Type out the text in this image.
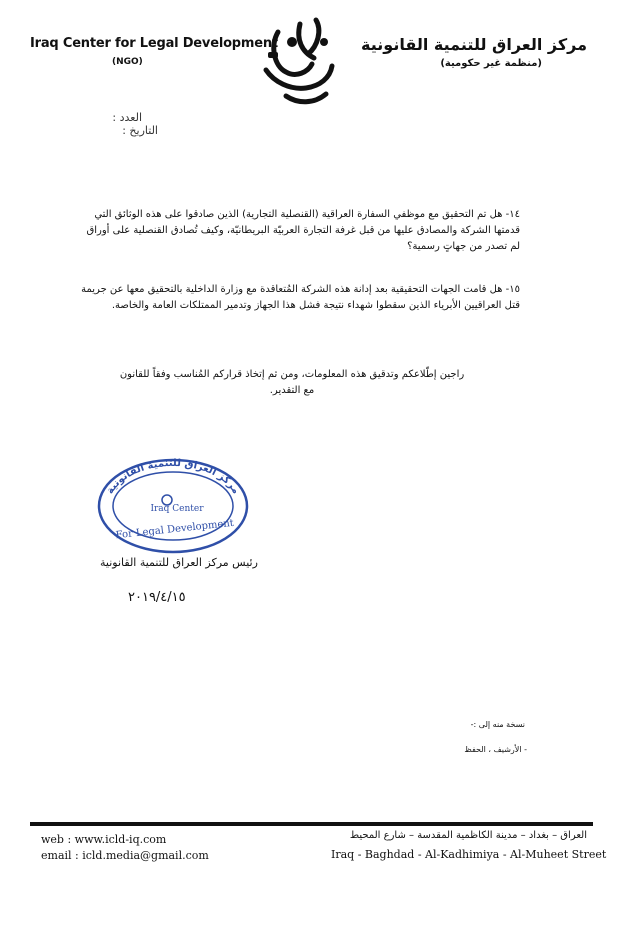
Iraq Center for Legal Development
(NGO)
مركز العراق للتنمية القانونية
(منظمة غير حكومية)
العدد :
التاريخ :
١٤- هل تم التحقيق مع موظفي السفارة العراقية (القنصلية التجارية) الذين صادقوا على هذه الوثائق التي قدمتها الشركة والمصادق عليها من قبل غرفة التجارة العربيّة البريطانيّة، وكيف تُصادق القنصلية على أوراق لم تصدر من جهاتٍ رسمية؟
١٥- هل قامت الجهات التحقيقية بعد إدانة هذه الشركة المُتعاقدة مع وزارة الداخلية بالتحقيق معها عن جريمة قتل العراقيين الأبرياء الذين سقطوا شهداء نتيجة فشل هذا الجهاز وتدمير الممتلكات العامة والخاصة.
راجين إطّلاعكم وتدقيق هذه المعلومات، ومن ثم إتخاذ قراركم المُناسب وفقاً للقانون
مع التقدير.
مركز العراق للتنمية القانونية
Iraq Center
For Legal Development
رئيس مركز العراق للتنمية القانونية
٢٠١٩/٤/١٥
نسخة منه إلى :-
- الأرشيف ، الحفظ
web : www.icld-iq.com
email : icld.media@gmail.com
العراق – بغداد – مدينة الكاظمية المقدسة – شارع المحيط
Iraq - Baghdad - Al-Kadhimiya - Al-Muheet Street
